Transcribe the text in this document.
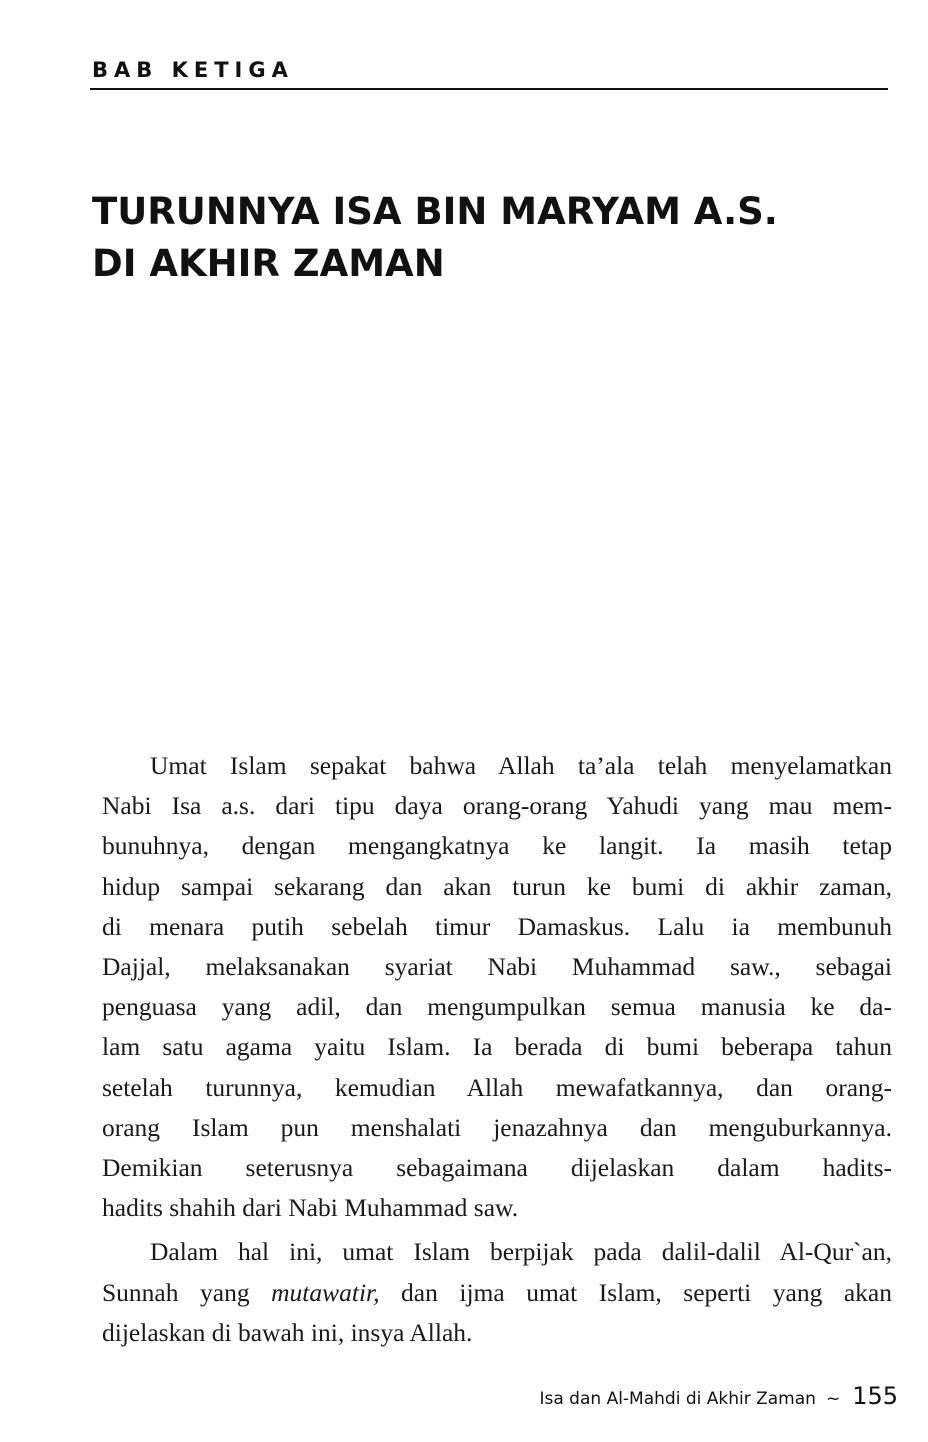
BAB KETIGA
TURUNNYA ISA BIN MARYAM A.S.
DI AKHIR ZAMAN

Umat Islam sepakat bahwa Allah ta’ala telah menyelamatkan
Nabi Isa a.s. dari tipu daya orang-orang Yahudi yang mau mem-
bunuhnya, dengan mengangkatnya ke langit. Ia masih tetap
hidup sampai sekarang dan akan turun ke bumi di akhir zaman,
di menara putih sebelah timur Damaskus. Lalu ia membunuh
Dajjal, melaksanakan syariat Nabi Muhammad saw., sebagai
penguasa yang adil, dan mengumpulkan semua manusia ke da-
lam satu agama yaitu Islam. Ia berada di bumi beberapa tahun
setelah turunnya, kemudian Allah mewafatkannya, dan orang-
orang Islam pun menshalati jenazahnya dan menguburkannya.
Demikian seterusnya sebagaimana dijelaskan dalam hadits-
hadits shahih dari Nabi Muhammad saw.

Dalam hal ini, umat Islam berpijak pada dalil-dalil Al-Qur`an,
Sunnah yang mutawatir, dan ijma umat Islam, seperti yang akan
dijelaskan di bawah ini, insya Allah.

Isa dan Al-Mahdi di Akhir Zaman ~ 155
